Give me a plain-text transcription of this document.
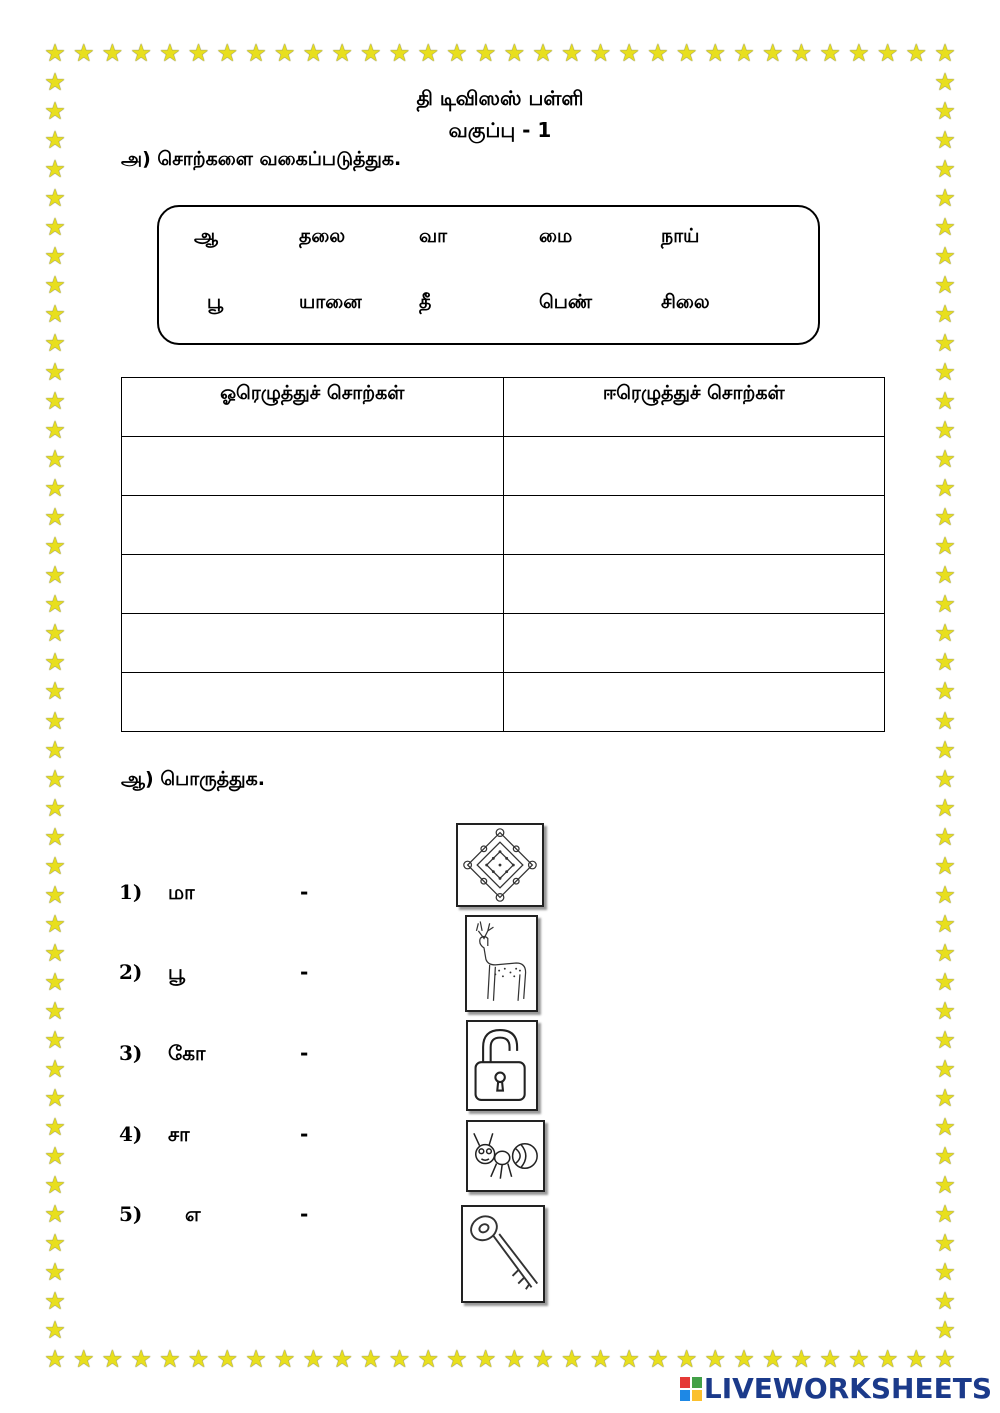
★
★
★
★
★
★
★
★
★
★
★
★
★
★
★
★
★
★
★
★
★
★
★
★
★
★
★
★
★
★
★
★
★
★
★
★
★
★
★
★
★
★
★
★
★
★
★
★
★
★
★
★
★
★
★
★
★
★
★
★
★
★
★
★
★	★
★	★
★	★
★	★
★	★
★	★
★	★
★	★
★	★
★	★
★	★
★	★
★	★
★	★
★	★
★	★
★	★
★	★
★	★
★	★
★	★
★	★
★	★
★	★
★	★
★	★
★	★
★	★
★	★
★	★
★	★
★	★
★	★
★	★
★	★
★	★
★	★
★	★
★	★
★	★
★	★
★	★
★	★
★	★
தி டிவிஸஸ் பள்ளி
வகுப்பு - 1
அ) சொற்களை வகைப்படுத்துக.
ஆ	தலை	வா	மை	நாய்
பூ	யானை	தீ	பெண்	சிலை
ஓரெழுத்துச் சொற்கள்	ஈரெழுத்துச் சொற்கள்

ஆ) பொருத்துக.
1) மா	-
2) பூ	-
3) கோ	-
4) சா	-
5) எ	-
LIVEWORKSHEETS
